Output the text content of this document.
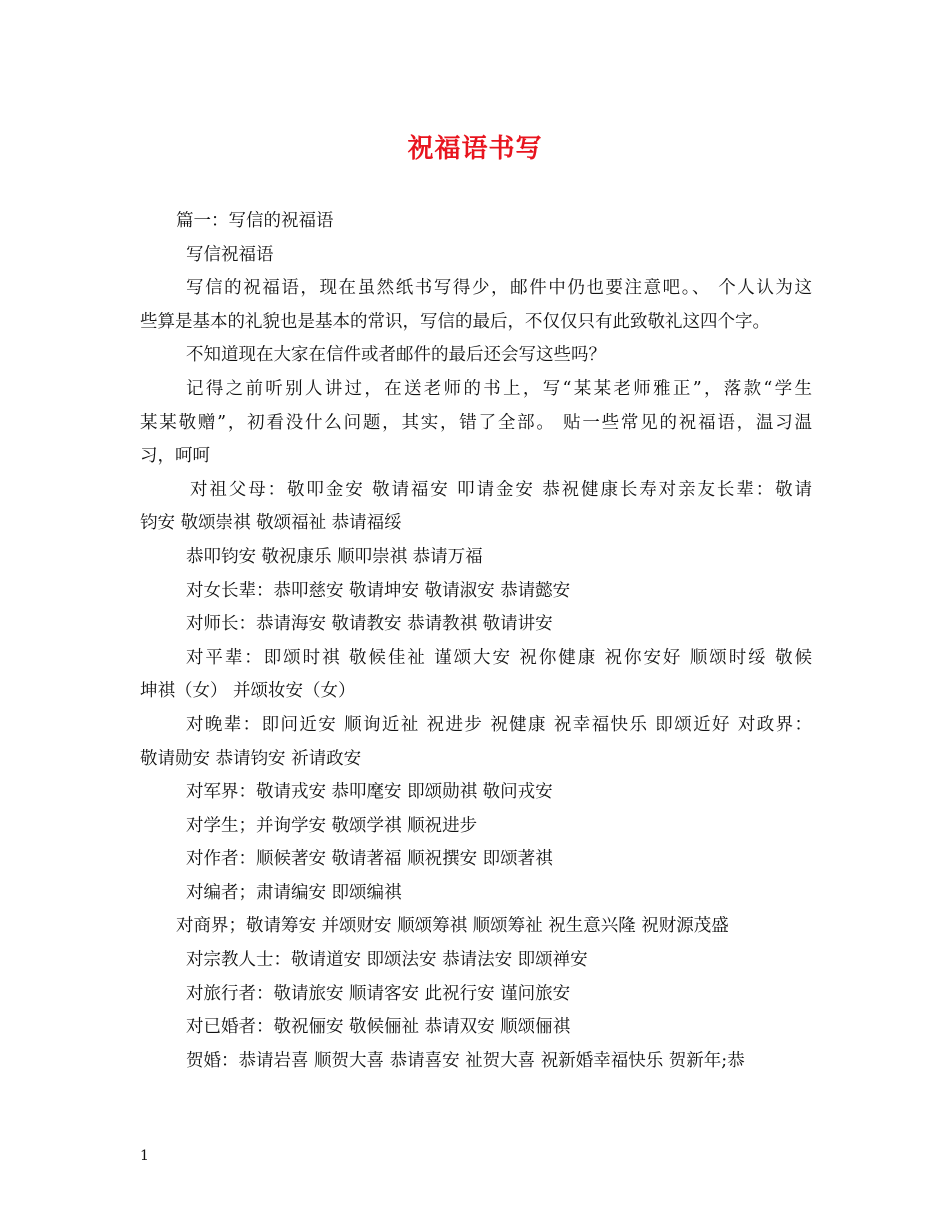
祝福语书写
篇一：写信的祝福语
写信祝福语
写信的祝福语，现在虽然纸书写得少，邮件中仍也要注意吧。、 个人认为这
些算是基本的礼貌也是基本的常识，写信的最后，不仅仅只有此致敬礼这四个字。
不知道现在大家在信件或者邮件的最后还会写这些吗？
记得之前听别人讲过，在送老师的书上，写“某某老师雅正”，落款“学生
某某敬赠”，初看没什么问题，其实，错了全部。 贴一些常见的祝福语，温习温
习，呵呵
对祖父母：敬叩金安 敬请福安 叩请金安 恭祝健康长寿对亲友长辈：敬请
钧安 敬颂崇祺 敬颂福祉 恭请福绥
恭叩钧安 敬祝康乐 顺叩崇祺 恭请万福
对女长辈：恭叩慈安 敬请坤安 敬请淑安 恭请懿安
对师长：恭请海安 敬请教安 恭请教祺 敬请讲安
对平辈：即颂时祺 敬候佳祉 谨颂大安 祝你健康 祝你安好 顺颂时绥 敬候
坤祺（女） 并颂妆安（女）
对晚辈：即问近安 顺询近祉 祝进步 祝健康 祝幸福快乐 即颂近好 对政界：
敬请勋安 恭请钧安 祈请政安
对军界：敬请戎安 恭叩麾安 即颂勋祺 敬问戎安
对学生；并询学安 敬颂学祺 顺祝进步
对作者：顺候著安 敬请著福 顺祝撰安 即颂著祺
对编者；肃请编安 即颂编祺
对商界；敬请筹安 并颂财安 顺颂筹祺 顺颂筹祉 祝生意兴隆 祝财源茂盛
对宗教人士：敬请道安 即颂法安 恭请法安 即颂禅安
对旅行者：敬请旅安 顺请客安 此祝行安 谨问旅安
对已婚者：敬祝俪安 敬候俪祉 恭请双安 顺颂俪祺
贺婚：恭请岩喜 顺贺大喜 恭请喜安 祉贺大喜 祝新婚幸福快乐 贺新年;恭
1
